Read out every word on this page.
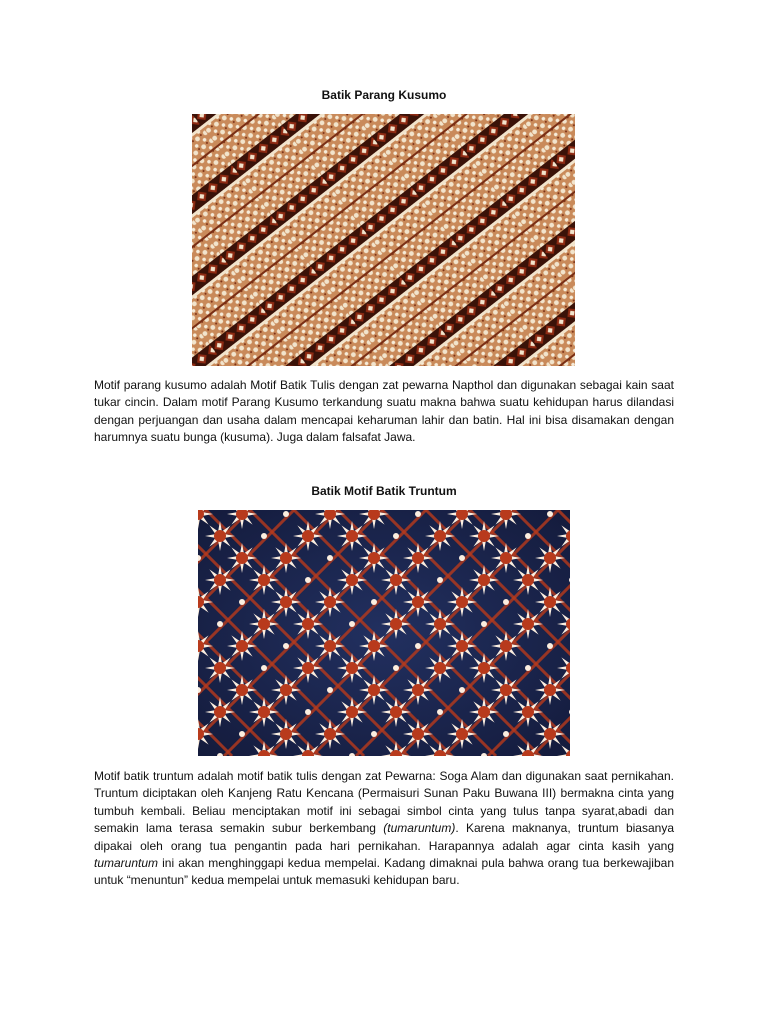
Batik Parang Kusumo

Motif parang kusumo adalah Motif Batik Tulis dengan zat pewarna Napthol dan digunakan sebagai kain saat tukar cincin. Dalam motif Parang Kusumo terkandung suatu makna bahwa suatu kehidupan harus dilandasi dengan perjuangan dan usaha dalam mencapai keharuman lahir dan batin. Hal ini bisa disamakan dengan harumnya suatu bunga (kusuma). Juga dalam falsafat Jawa.

Batik Motif Batik Truntum

Motif batik truntum adalah motif batik tulis dengan zat Pewarna: Soga Alam dan digunakan saat pernikahan. Truntum diciptakan oleh Kanjeng Ratu Kencana (Permaisuri Sunan Paku Buwana III) bermakna cinta yang tumbuh kembali. Beliau menciptakan motif ini sebagai simbol cinta yang tulus tanpa syarat,abadi dan semakin lama terasa semakin subur berkembang (tumaruntum). Karena maknanya, truntum biasanya dipakai oleh orang tua pengantin pada hari pernikahan. Harapannya adalah agar cinta kasih yang tumaruntum ini akan menghinggapi kedua mempelai. Kadang dimaknai pula bahwa orang tua berkewajiban untuk “menuntun” kedua mempelai untuk memasuki kehidupan baru.
